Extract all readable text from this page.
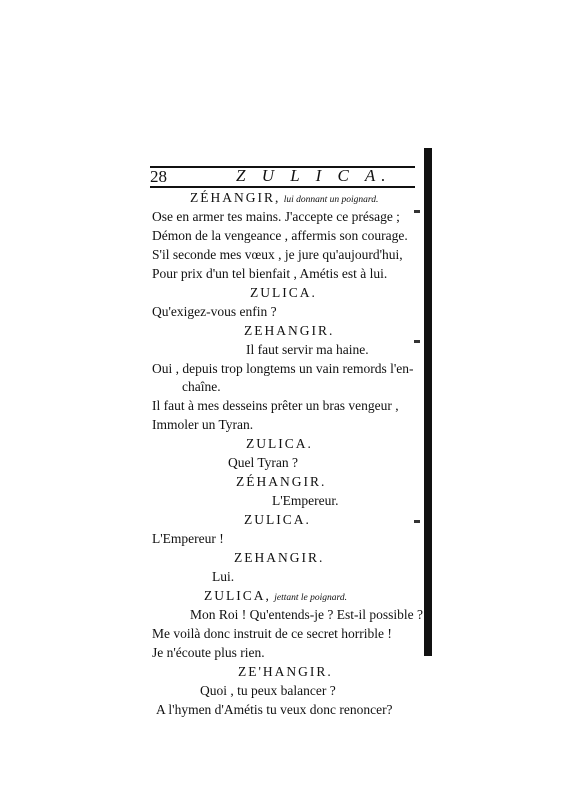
28	Z U L I C A.
ZÉHANGIR, lui donnant un poignard.
Ose en armer tes mains. J'accepte ce présage ;
Démon de la vengeance , affermis son courage.
S'il seconde mes vœux , je jure qu'aujourd'hui,
Pour prix d'un tel bienfait , Amétis est à lui.
ZULICA.
Qu'exigez-vous enfin ?
ZEHANGIR.
Il faut servir ma haine.
Oui , depuis trop longtems un vain remords l'en-
chaîne.
Il faut à mes desseins prêter un bras vengeur ,
Immoler un Tyran.
ZULICA.
Quel Tyran ?
ZÉHANGIR.
L'Empereur.
ZULICA.
L'Empereur !
ZEHANGIR.
Lui.
ZULICA, jettant le poignard.
Mon Roi ! Qu'entends-je ? Est-il possible ?
Me voilà donc instruit de ce secret horrible !
Je n'écoute plus rien.
ZE'HANGIR.
Quoi , tu peux balancer ?
A l'hymen d'Amétis tu veux donc renoncer?
